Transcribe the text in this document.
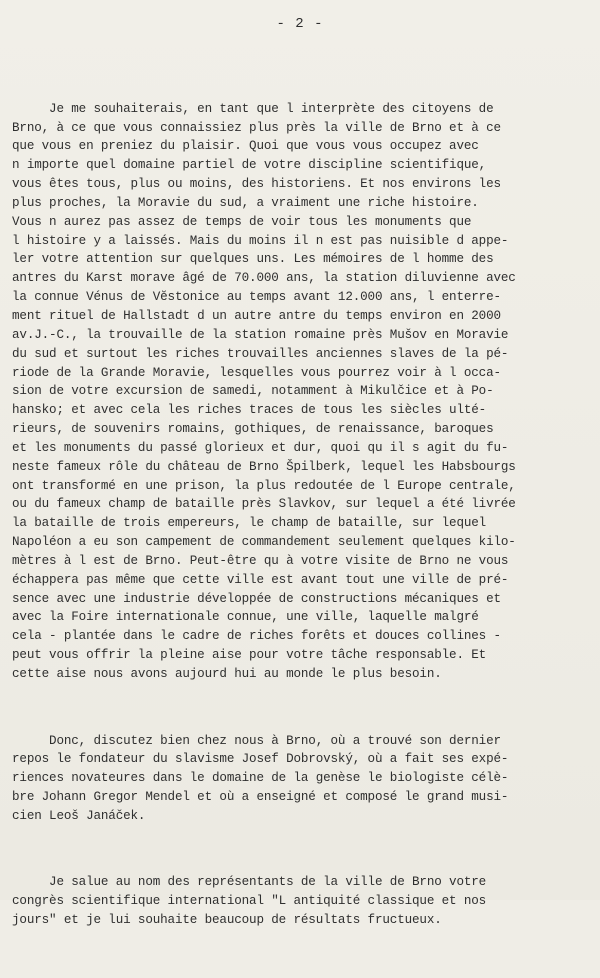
- 2 -

Je me souhaiterais, en tant que l interprète des citoyens de
Brno, à ce que vous connaissiez plus près la ville de Brno et à ce
que vous en preniez du plaisir. Quoi que vous vous occupez avec
n importe quel domaine partiel de votre discipline scientifique,
vous êtes tous, plus ou moins, des historiens. Et nos environs les
plus proches, la Moravie du sud, a vraiment une riche histoire.
Vous n aurez pas assez de temps de voir tous les monuments que
l histoire y a laissés. Mais du moins il n est pas nuisible d appe-
ler votre attention sur quelques uns. Les mémoires de l homme des
antres du Karst morave âgé de 70.000 ans, la station diluvienne avec
la connue Vénus de Vĕstonice au temps avant 12.000 ans, l enterre-
ment rituel de Hallstadt d un autre antre du temps environ en 2000
av.J.-C., la trouvaille de la station romaine près Mušov en Moravie
du sud et surtout les riches trouvailles anciennes slaves de la pé-
riode de la Grande Moravie, lesquelles vous pourrez voir à l occa-
sion de votre excursion de samedi, notamment à Mikulčice et à Po-
hansko; et avec cela les riches traces de tous les siècles ulté-
rieurs, de souvenirs romains, gothiques, de renaissance, baroques
et les monuments du passé glorieux et dur, quoi qu il s agit du fu-
neste fameux rôle du château de Brno Špilberk, lequel les Habsbourgs
ont transformé en une prison, la plus redoutée de l Europe centrale,
ou du fameux champ de bataille près Slavkov, sur lequel a été livrée
la bataille de trois empereurs, le champ de bataille, sur lequel
Napoléon a eu son campement de commandement seulement quelques kilo-
mètres à l est de Brno. Peut-être qu à votre visite de Brno ne vous
échappera pas même que cette ville est avant tout une ville de pré-
sence avec une industrie développée de constructions mécaniques et
avec la Foire internationale connue, une ville, laquelle malgré
cela - plantée dans le cadre de riches forêts et douces collines -
peut vous offrir la pleine aise pour votre tâche responsable. Et
cette aise nous avons aujourd hui au monde le plus besoin.

Donc, discutez bien chez nous à Brno, où a trouvé son dernier
repos le fondateur du slavisme Josef Dobrovský, où a fait ses expé-
riences novateures dans le domaine de la genèse le biologiste célè-
bre Johann Gregor Mendel et où a enseigné et composé le grand musi-
cien Leoš Janáček.

Je salue au nom des représentants de la ville de Brno votre
congrès scientifique international "L antiquité classique et nos
jours" et je lui souhaite beaucoup de résultats fructueux.
